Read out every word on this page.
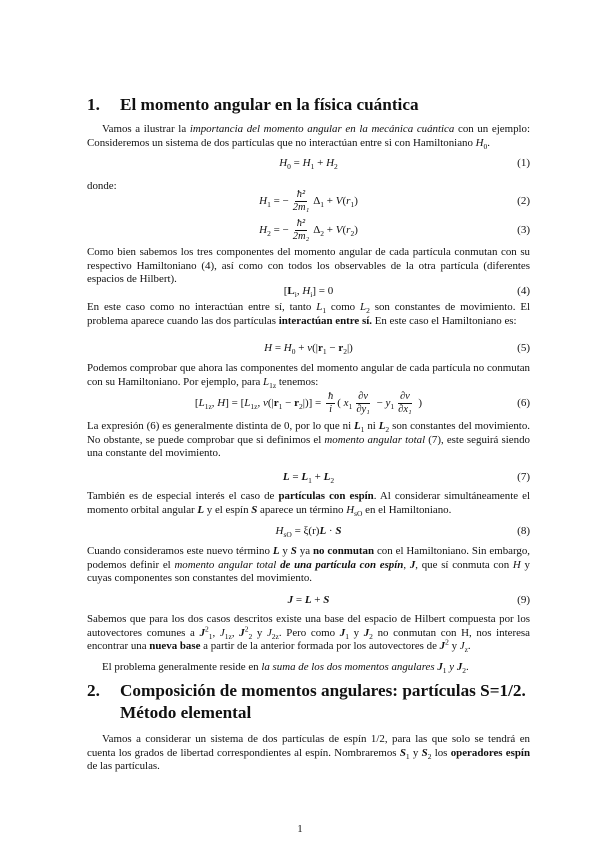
1. El momento angular en la física cuántica
Vamos a ilustrar la importancia del momento angular en la mecánica cuántica con un ejemplo: Consideremos un sistema de dos partículas que no interactúan entre si con Hamiltoniano $H_0$.
$H_0 = H_1 + H_2$	(1)
donde:
$H_1$ = − $\frac{\text{ħ²}}{\text{2m₁}} \Delta_1 + V(r_1)$	(2)
$H_2$ = − $\frac{\text{ħ²}}{\text{2m₂}} \Delta_2 + V(r_2)$	(3)
Como bien sabemos los tres componentes del momento angular de cada partícula conmutan con su respectivo Hamiltoniano (4), así como con todos los observables de la otra partícula (diferentes espacios de Hilbert).
[$L_i$, $H_i] = 0$	(4)
En este caso como no interactúan entre sí, tanto $L_1$ como $L_2$ son constantes de movimiento. El problema aparece cuando las dos partículas interactúan entre sí. En este caso el Hamiltoniano es:
$H = H_0 + v(|r_1 - r_2|)$	(5)
Podemos comprobar que ahora las componentes del momento angular de cada partícula no conmutan con su Hamiltoniano. Por ejemplo, para $L_{1z}$ tenemos:
[$L_{1z}$, $H] = [L_{1z}$, $v(|r_1 - r_2|)] = \frac{ħ}{i}$ ( $x_1 \frac{\partial v}{\text{∂y₁}} - y_1 \frac{\partial v}{\text{∂x₁}}$ )	(6)
La expresión (6) es generalmente distinta de 0, por lo que ni $L_1$ ni $L_2$ son constantes del movimiento. No obstante, se puede comprobar que si definimos el momento angular total (7), este seguirá siendo una constante del movimiento.
$L = L_1 + L_2$	(7)
También es de especial interés el caso de partículas con espín. Al considerar simultáneamente el momento orbital angular L y el espín S aparece un término $H_{sO}$ en el Hamiltoniano.
$H_{sO} = \xi(r)L \cdot S$	(8)
Cuando consideramos este nuevo término L y S ya no conmutan con el Hamiltoniano. Sin embargo, podemos definir el momento angular total de una partícula con espín, J, que sí conmuta con H y cuyas componentes son constantes del movimiento.
J = L + S	(9)
Sabemos que para los dos casos descritos existe una base del espacio de Hilbert compuesta por los autovectores comunes a $J^2_1$, $J_{1z}$, $J^2_2$ y $J_{2z}$. Pero como $J_1$ y $J_2$ no conmutan con H, nos interesa encontrar una nueva base a partir de la anterior formada por los autovectores de $J^2$ y $J_z$.
El problema generalmente reside en la suma de los dos momentos angulares $J_1$ y $J_2$.
2. Composición de momentos angulares: partículas S=1/2. Método elemental
Vamos a considerar un sistema de dos partículas de espín 1/2, para las que solo se tendrá en cuenta los grados de libertad correspondientes al espín. Nombraremos $S_1$ y $S_2$ los operadores espín de las partículas.
1
